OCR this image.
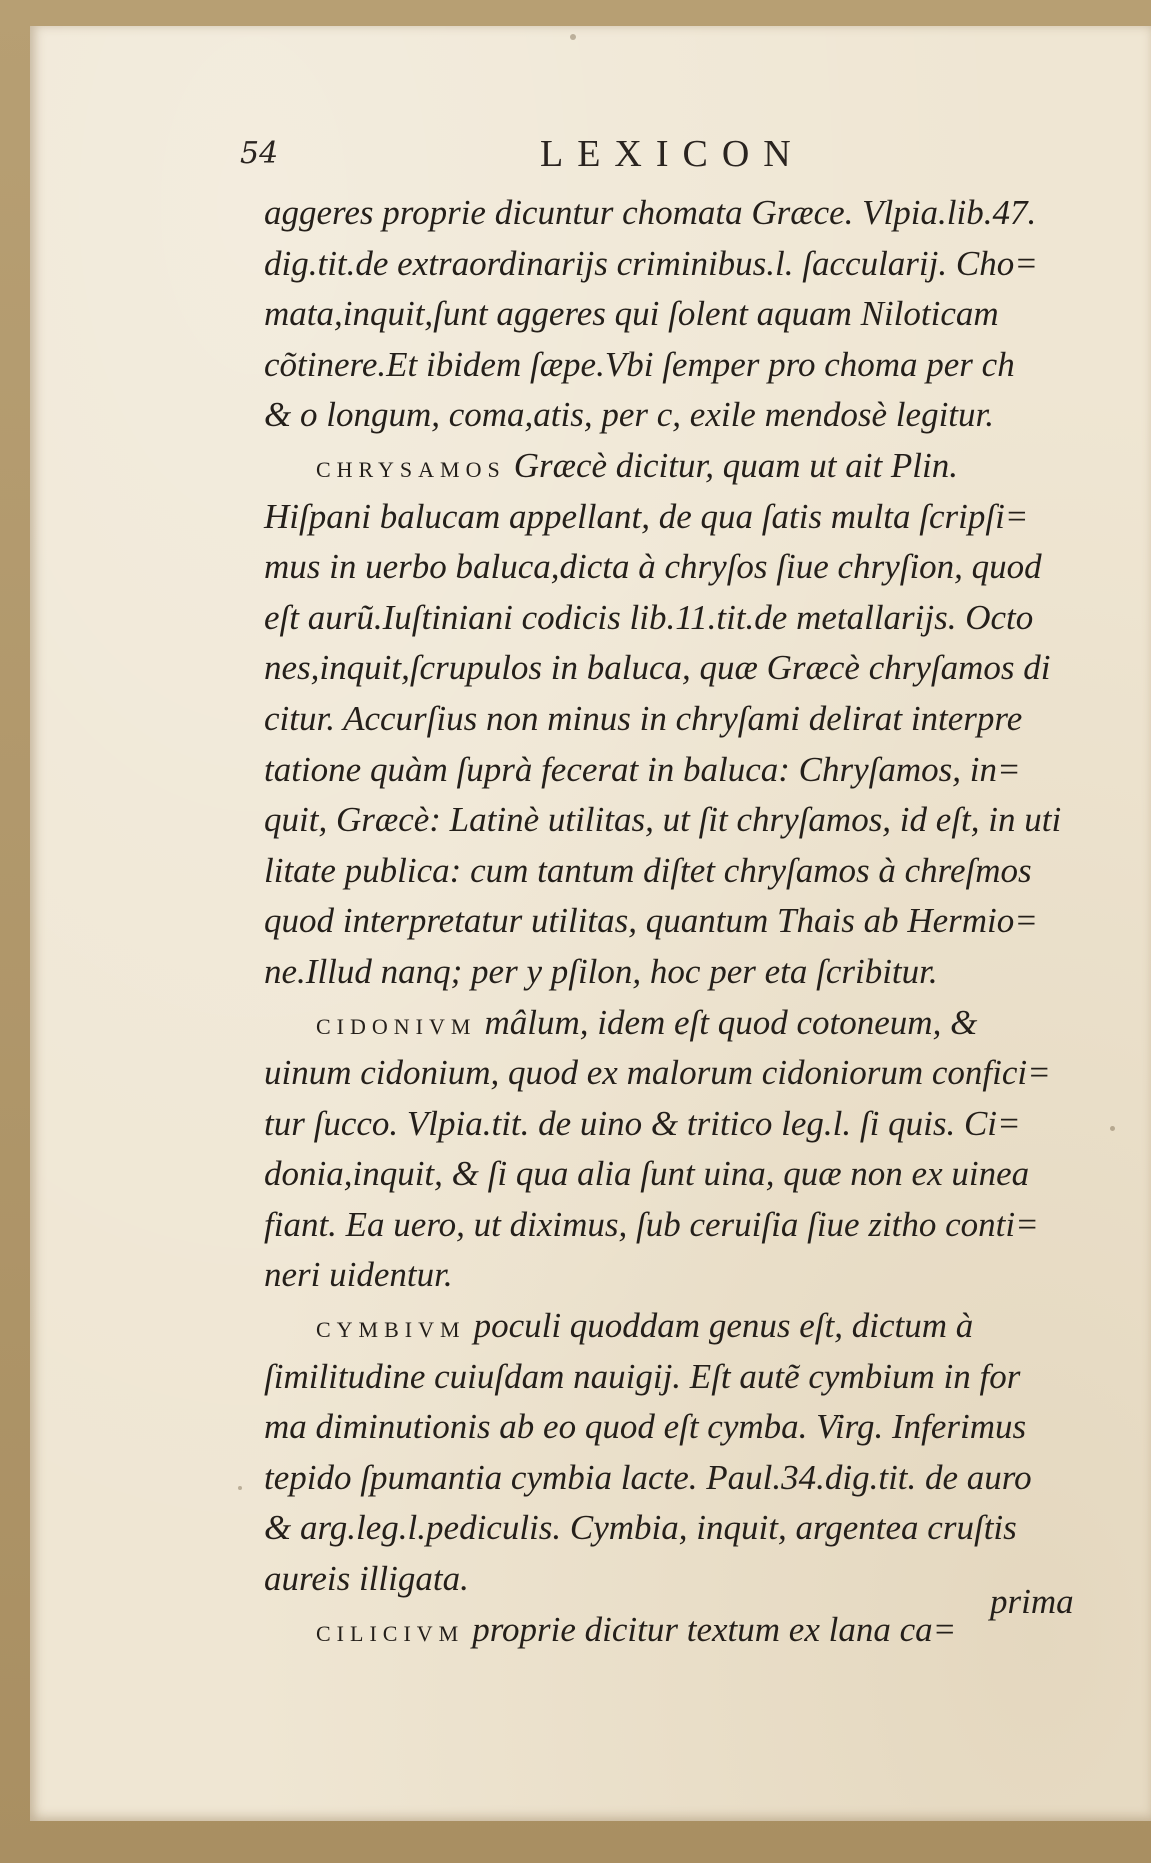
54	LEXICON
aggeres proprie dicuntur chomata Græce. Vlpia.lib.47.
dig.tit.de extraordinarijs criminibus.l. ſaccularij. Cho=
mata,inquit,ſunt aggeres qui ſolent aquam Niloticam
cõtinere.Et ibidem ſæpe.Vbi ſemper pro choma per ch
& o longum, coma,atis, per c, exile mendosè legitur.
CHRYSAMOS Græcè dicitur, quam ut ait Plin.
Hiſpani balucam appellant, de qua ſatis multa ſcripſi=
mus in uerbo baluca,dicta à chryſos ſiue chryſion, quod
eſt aurũ.Iuſtiniani codicis lib.11.tit.de metallarijs. Octo
nes,inquit,ſcrupulos in baluca, quæ Græcè chryſamos di
citur. Accurſius non minus in chryſami delirat interpre
tatione quàm ſuprà fecerat in baluca: Chryſamos, in=
quit, Græcè: Latinè utilitas, ut ſit chryſamos, id eſt, in uti
litate publica: cum tantum diſtet chryſamos à chreſmos
quod interpretatur utilitas, quantum Thais ab Hermio=
ne.Illud nanq; per y pſilon, hoc per eta ſcribitur.
CIDONIVM mâlum, idem eſt quod cotoneum, &
uinum cidonium, quod ex malorum cidoniorum confici=
tur ſucco. Vlpia.tit. de uino & tritico leg.l. ſi quis. Ci=
donia,inquit, & ſi qua alia ſunt uina, quæ non ex uinea
fiant. Ea uero, ut diximus, ſub ceruiſia ſiue zitho conti=
neri uidentur.
CYMBIVM poculi quoddam genus eſt, dictum à
ſimilitudine cuiuſdam nauigij. Eſt autẽ cymbium in for
ma diminutionis ab eo quod eſt cymba. Virg. Inferimus
tepido ſpumantia cymbia lacte. Paul.34.dig.tit. de auro
& arg.leg.l.pediculis. Cymbia, inquit, argentea cruſtis
aureis illigata.
CILICIVM proprie dicitur textum ex lana ca=
prima
